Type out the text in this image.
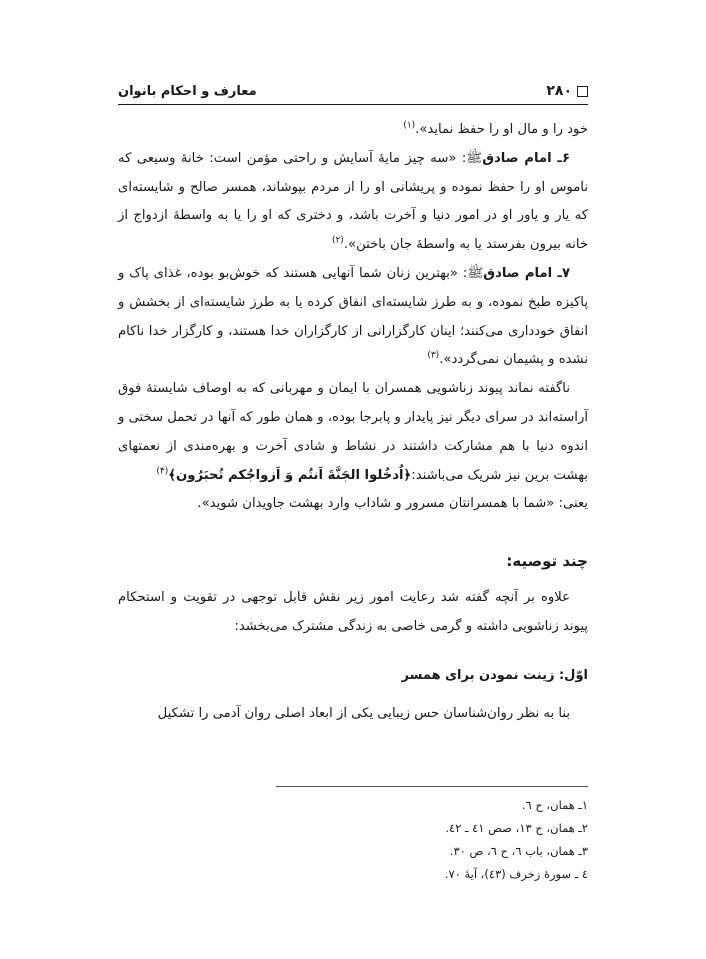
۲۸۰
معارف و احکام بانوان

خود را و مال او را حفظ نماید».$^{(۱)}$

۶ـ امام صادقﷺ: «سه چیز مایهٔ آسایش و راحتی مؤمن است: خانهٔ وسیعی که ناموس او را حفظ نموده و پریشانی او را از مردم بپوشاند، همسر صالح و شایسته‌ای که یار و یاور او در امور دنیا و آخرت باشد، و دختری که او را یا به واسطهٔ ازدواج از خانه بیرون بفرستد یا به واسطهٔ جان باختن».$^{(۲)}$

۷ـ امام صادقﷺ: «بهترین زنان شما آنهایی هستند که خوش‌بو بوده، غذای پاک و پاکیزه طبخ نموده، و به طرز شایسته‌ای انفاق کرده یا به طرز شایسته‌ای از بخشش و انفاق خودداری می‌کنند؛ اینان کارگزارانی از کارگزاران خدا هستند، و کارگزار خدا ناکام نشده و پشیمان نمی‌گردد».$^{(۳)}$

ناگفته نماند پیوند زناشویی همسران با ایمان و مهربانی که به اوصاف شایستهٔ فوق آراسته‌اند در سرای دیگر نیز پایدار و پابرجا بوده، و همان طور که آنها در تحمل سختی و اندوه دنیا با هم مشارکت داشتند در نشاط و شادی آخرت و بهره‌مندی از نعمتهای بهشت برین نیز شریک می‌باشند:﴿اُدخُلوا الجَنَّةَ اَنتُم وَ اَزواجُکم تُحبَرُون﴾$^{(۴)}$

یعنی: «شما با همسرانتان مسرور و شاداب وارد بهشت جاویدان شوید».

چند توصیه:

علاوه بر آنچه گفته شد رعایت امور زیر نقش قابل توجهی در تقویت و استحکام پیوند زناشویی داشته و گرمی خاصی به زندگی مشترک می‌بخشد:

اوّل: زینت نمودن برای همسر

بنا به نظر روان‌شناسان حس زیبایی یکی از ابعاد اصلی روان آدمی را تشکیل

۱ـ همان، ح ٦.
۲ـ همان، ح ۱۳، صص ٤۱ ـ ٤۲.
۳ـ همان، باب ٦، ح ٦، ص ۳۰.
٤ ـ سورهٔ زخرف (٤۳)، آیهٔ ۷۰.
